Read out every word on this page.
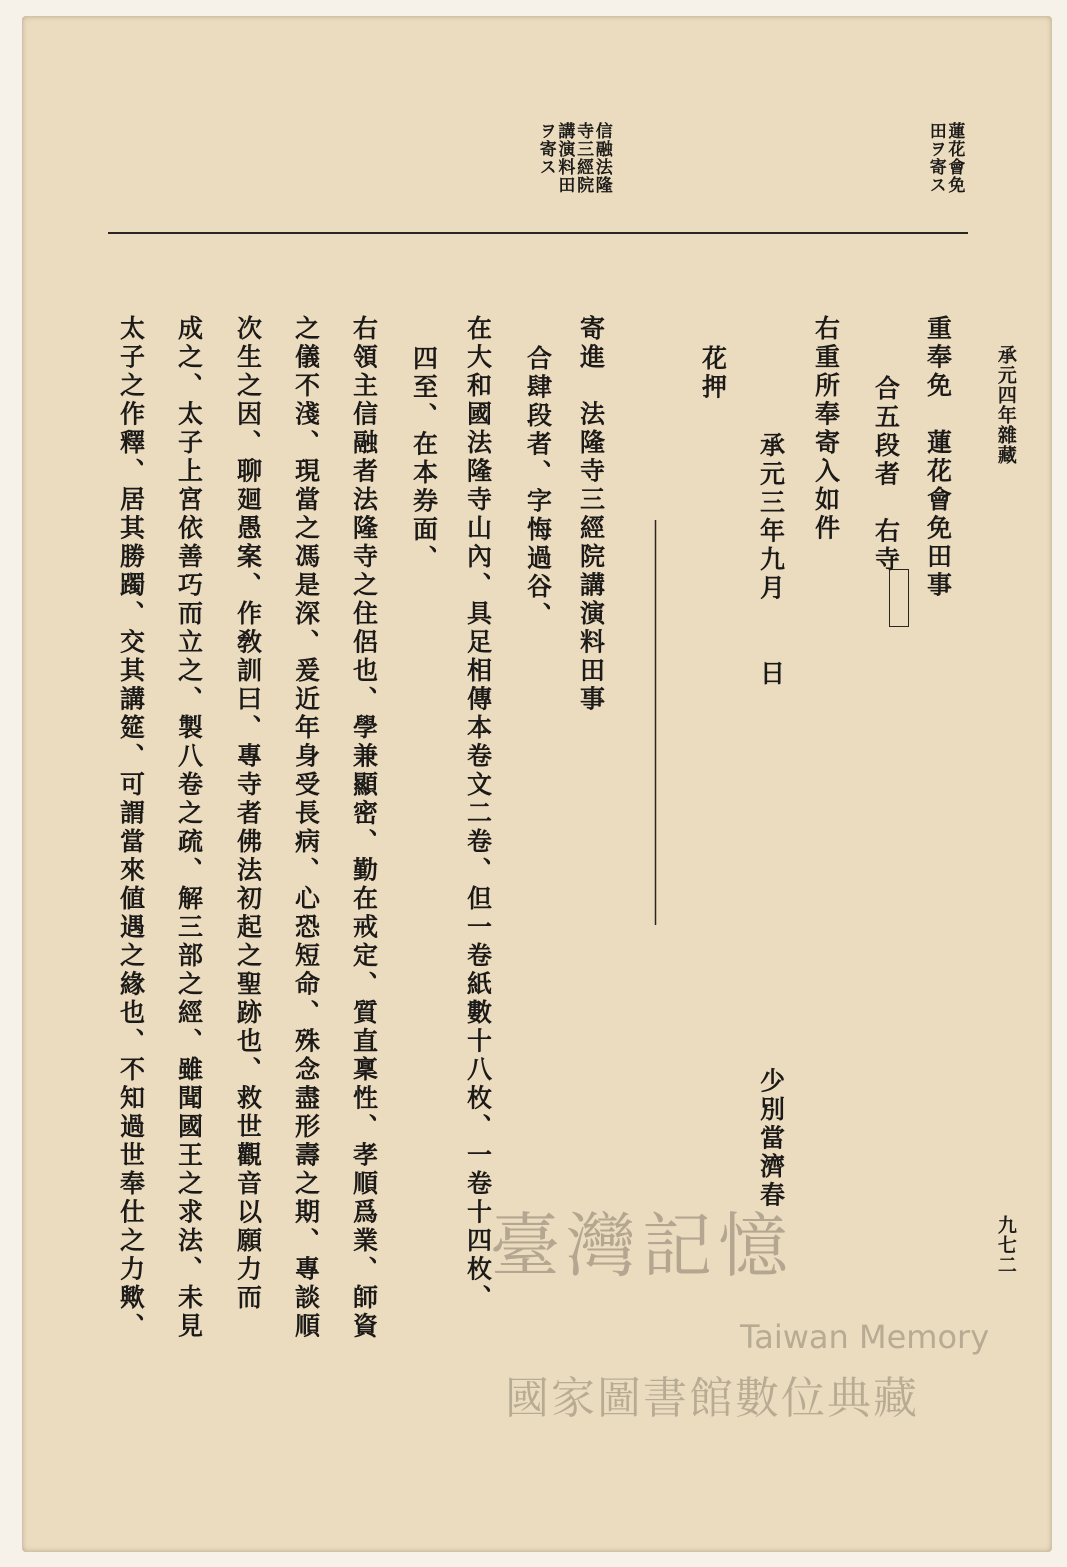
承元四年雜藏
蓮花會免
田ヲ寄ス
信融法隆
寺三經院
講演料田
ヲ寄ス
重奉免　蓮花會免田事
合五段者　右寺
右重所奉寄入如件
　　承元三年九月　　日
　　　　　　　　　　　　　　　少別當濟春
花押
寄進　法隆寺三經院講演料田事
合肆段者、字悔過谷、
在大和國法隆寺山內、具足相傳本卷文二卷、但一卷紙數十八枚、一卷十四枚、
四至、在本券面、
右領主信融者法隆寺之住侶也、學兼顯密、勤在戒定、質直稟性、孝順爲業、師資
之儀不淺、現當之馮是深、爰近年身受長病、心恐短命、殊念盡形壽之期、專談順
次生之因、聊廻愚案、作敎訓曰、專寺者佛法初起之聖跡也、救世觀音以願力而
成之、太子上宮依善巧而立之、製八卷之疏、解三部之經、雖聞國王之求法、未見
太子之作釋、居其勝躅、交其講筵、可謂當來値遇之緣也、不知過世奉仕之力歟、	九七二
臺灣記憶
Taiwan Memory
國家圖書館數位典藏
